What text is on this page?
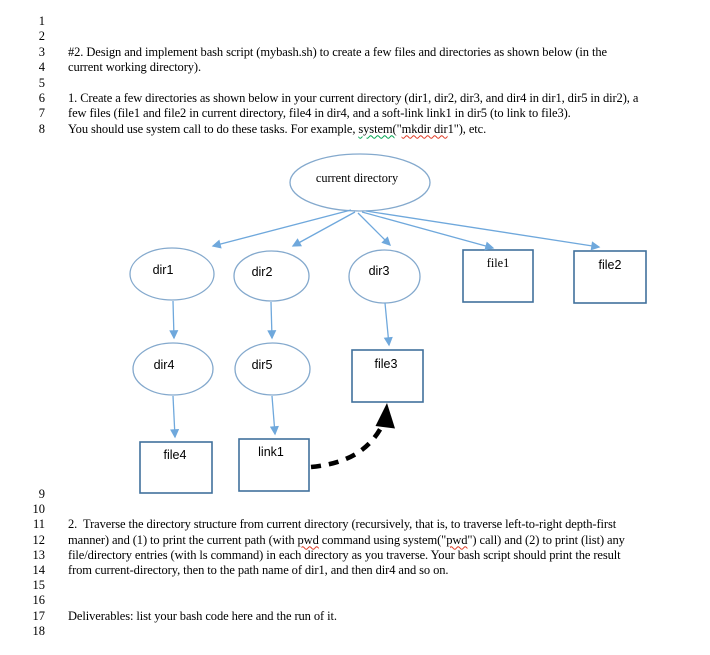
1
2
3 #2. Design and implement bash script (mybash.sh) to create a few files and directories as shown below (in the
4 current working directory).
5
6 1. Create a few directories as shown below in your current directory (dir1, dir2, dir3, and dir4 in dir1, dir5 in dir2), a
7 few files (file1 and file2 in current directory, file4 in dir4, and a soft-link link1 in dir5 (to link to file3).
8 You should use system call to do these tasks. For example, system("mkdir dir1"), etc.
9
10
11 2.  Traverse the directory structure from current directory (recursively, that is, to traverse left-to-right depth-first
12 manner) and (1) to print the current path (with pwd command using system("pwd") call) and (2) to print (list) any
13 file/directory entries (with ls command) in each directory as you traverse. Your bash script should print the result
14 from current-directory, then to the path name of dir1, and then dir4 and so on.
15
16
17 Deliverables: list your bash code here and the run of it.
18
current directory
dir1	dir2	dir3
file1	file2
dir4	dir5	file3
file4	link1
